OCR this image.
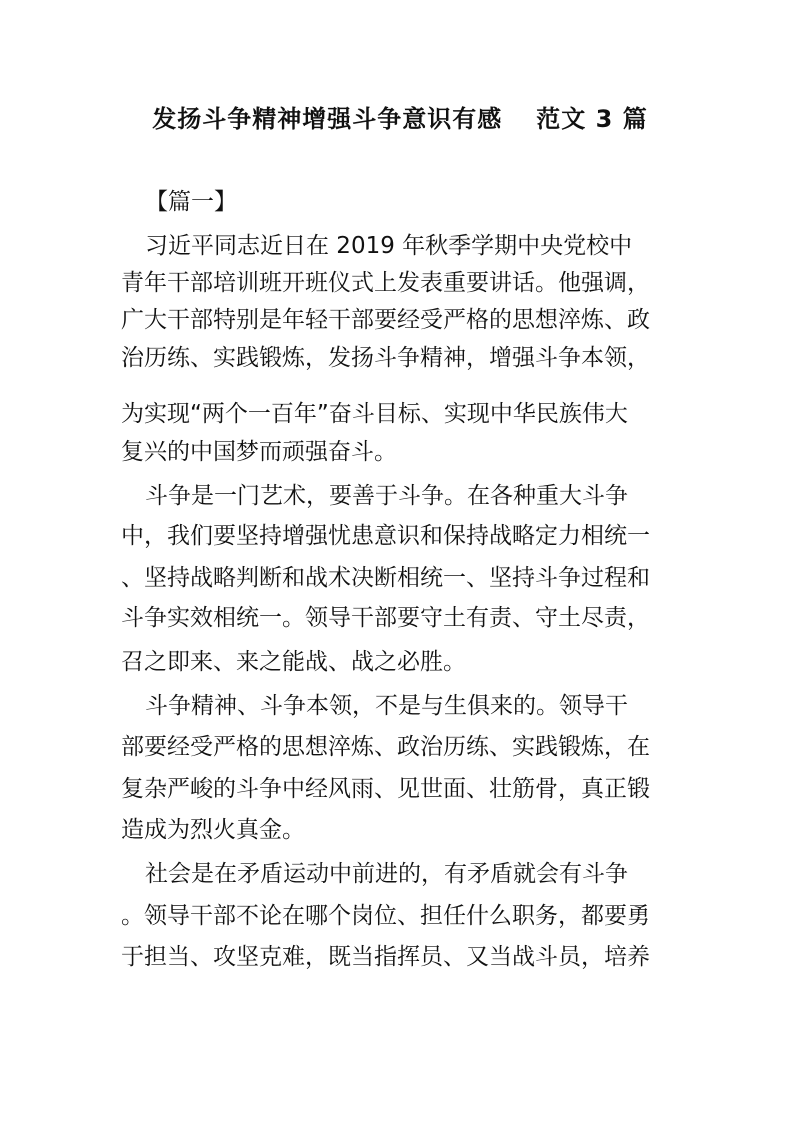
发扬斗争精神增强斗争意识有感 范文 3 篇
【篇一】
习近平同志近日在 2019 年秋季学期中央党校中
青年干部培训班开班仪式上发表重要讲话。他强调，
广大干部特别是年轻干部要经受严格的思想淬炼、政
治历练、实践锻炼，发扬斗争精神，增强斗争本领，
为实现“两个一百年”奋斗目标、实现中华民族伟大
复兴的中国梦而顽强奋斗。
斗争是一门艺术，要善于斗争。在各种重大斗争
中，我们要坚持增强忧患意识和保持战略定力相统一
、坚持战略判断和战术决断相统一、坚持斗争过程和
斗争实效相统一。领导干部要守土有责、守土尽责，
召之即来、来之能战、战之必胜。
斗争精神、斗争本领，不是与生俱来的。领导干
部要经受严格的思想淬炼、政治历练、实践锻炼，在
复杂严峻的斗争中经风雨、见世面、壮筋骨，真正锻
造成为烈火真金。
社会是在矛盾运动中前进的，有矛盾就会有斗争
。领导干部不论在哪个岗位、担任什么职务，都要勇
于担当、攻坚克难，既当指挥员、又当战斗员，培养
